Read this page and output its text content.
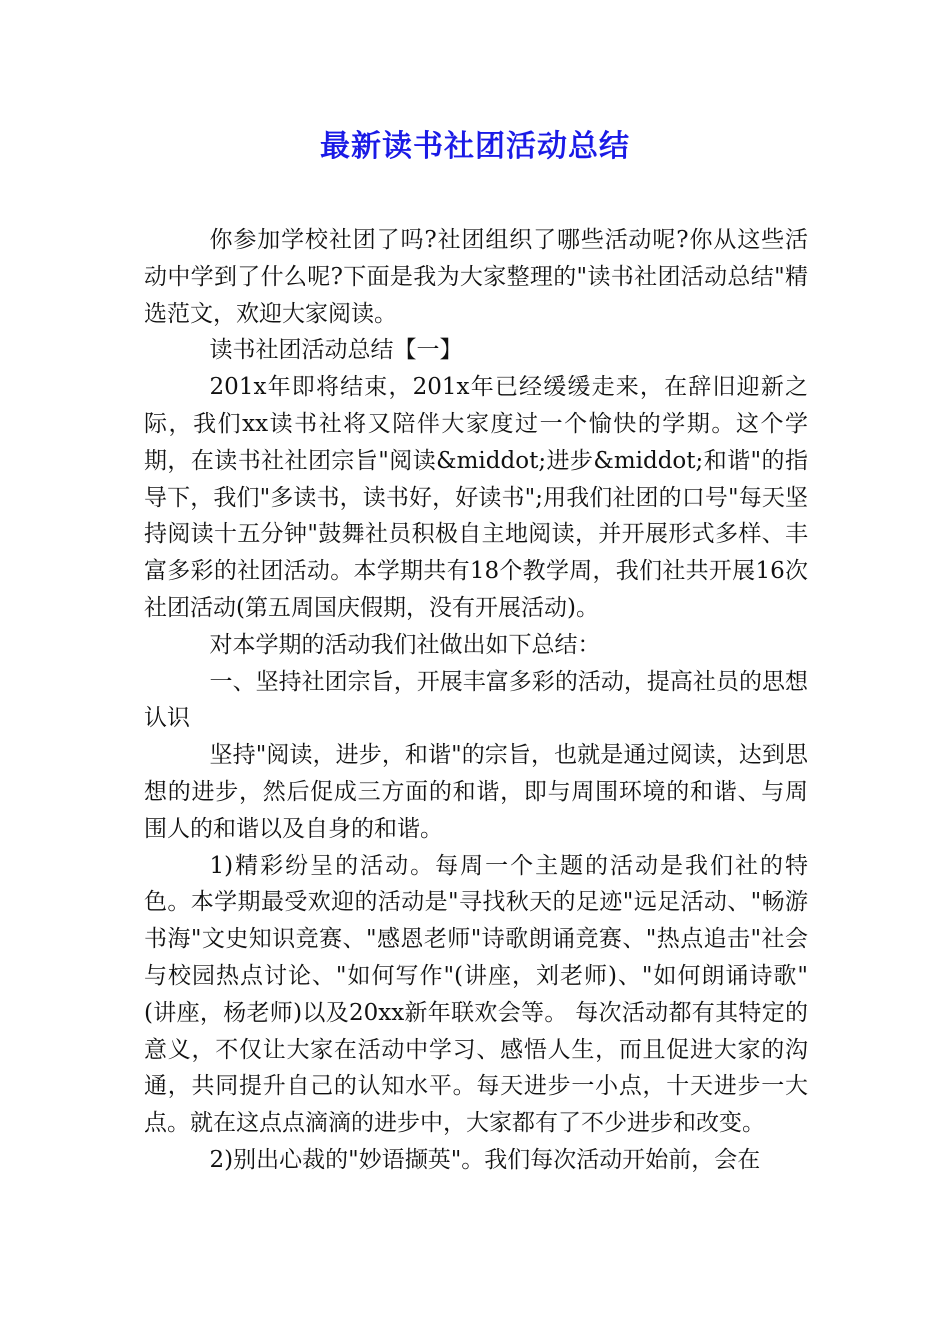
最新读书社团活动总结

你参加学校社团了吗?社团组织了哪些活动呢?你从这些活动中学到了什么呢?下面是我为大家整理的"读书社团活动总结"精选范文，欢迎大家阅读。

读书社团活动总结【一】

201x年即将结束，201x年已经缓缓走来，在辞旧迎新之际，我们xx读书社将又陪伴大家度过一个愉快的学期。这个学期，在读书社社团宗旨"阅读&middot;进步&middot;和谐"的指导下，我们"多读书，读书好，好读书";用我们社团的口号"每天坚持阅读十五分钟"鼓舞社员积极自主地阅读，并开展形式多样、丰富多彩的社团活动。本学期共有18个教学周，我们社共开展16次社团活动(第五周国庆假期，没有开展活动)。

对本学期的活动我们社做出如下总结：

一、坚持社团宗旨，开展丰富多彩的活动，提高社员的思想认识

坚持"阅读，进步，和谐"的宗旨，也就是通过阅读，达到思想的进步，然后促成三方面的和谐，即与周围环境的和谐、与周围人的和谐以及自身的和谐。

1)精彩纷呈的活动。每周一个主题的活动是我们社的特色。本学期最受欢迎的活动是"寻找秋天的足迹"远足活动、"畅游书海"文史知识竞赛、"感恩老师"诗歌朗诵竞赛、"热点追击"社会与校园热点讨论、"如何写作"(讲座，刘老师)、"如何朗诵诗歌"(讲座，杨老师)以及20xx新年联欢会等。 每次活动都有其特定的意义，不仅让大家在活动中学习、感悟人生，而且促进大家的沟通，共同提升自己的认知水平。每天进步一小点，十天进步一大点。就在这点点滴滴的进步中，大家都有了不少进步和改变。

2)别出心裁的"妙语撷英"。我们每次活动开始前，会在
